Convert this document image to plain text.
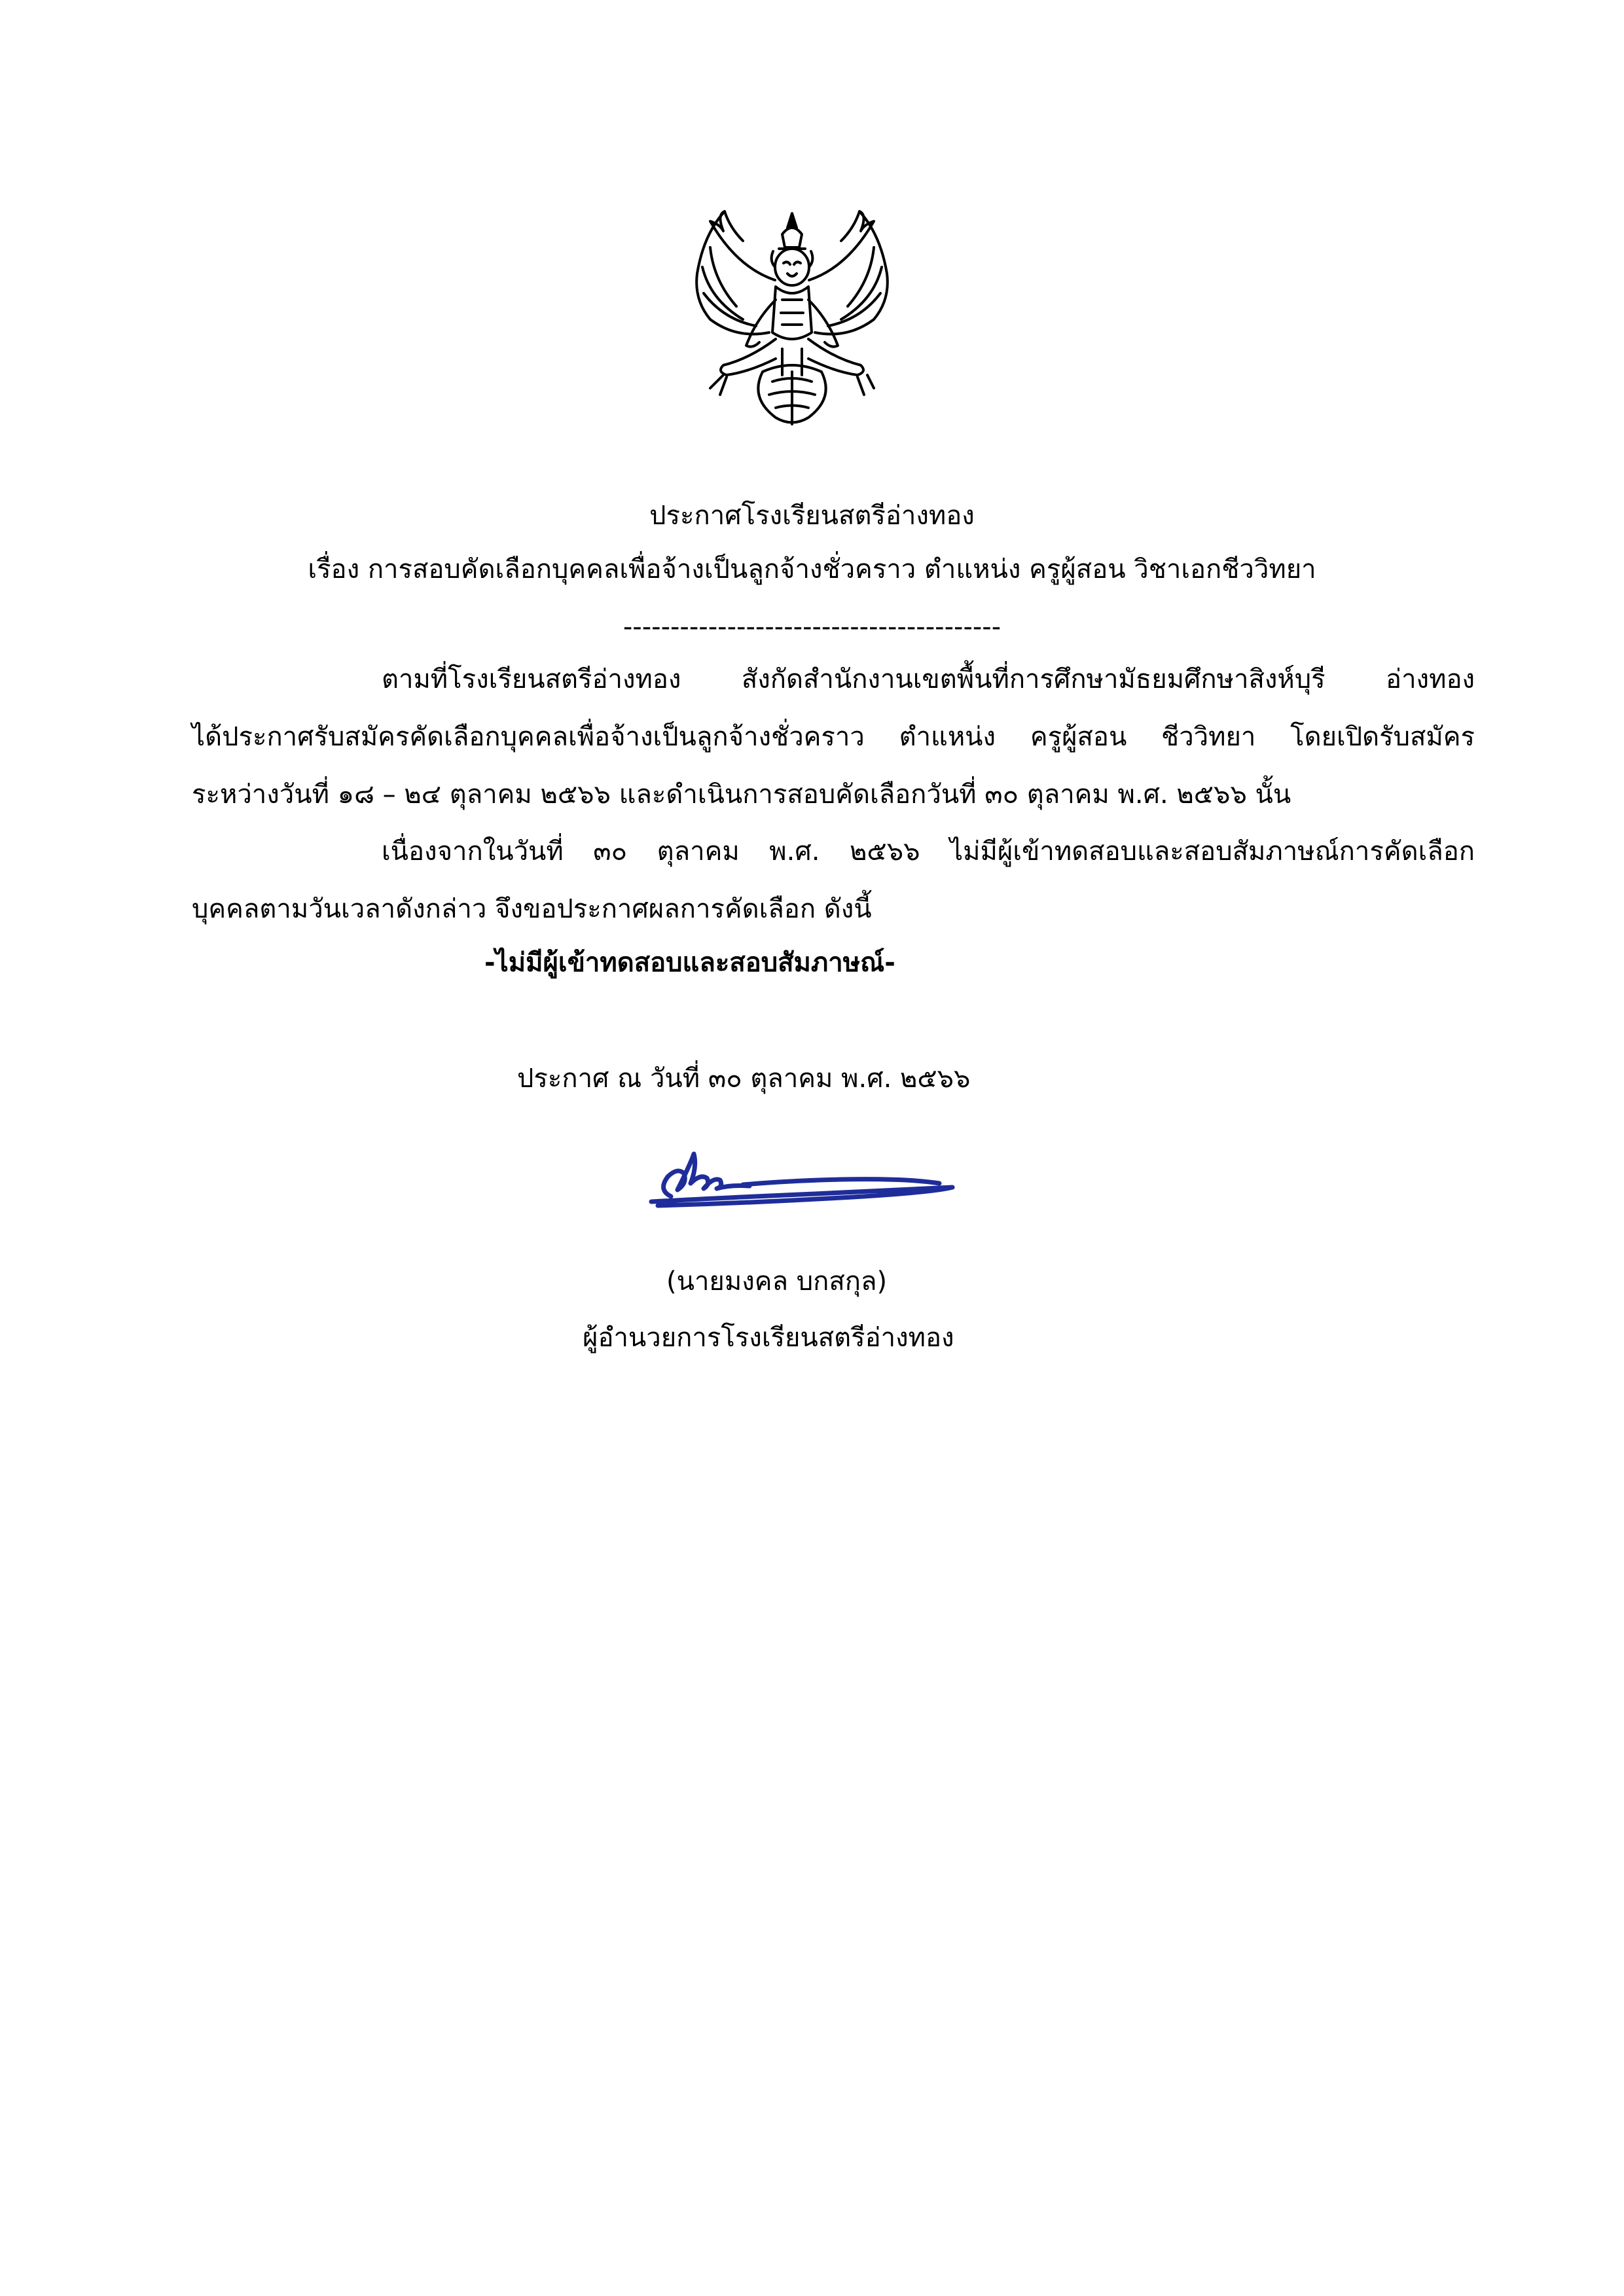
ประกาศโรงเรียนสตรีอ่างทอง
เรื่อง การสอบคัดเลือกบุคคลเพื่อจ้างเป็นลูกจ้างชั่วคราว ตำแหน่ง ครูผู้สอน วิชาเอกชีววิทยา
----------------------------------------
ตามที่โรงเรียนสตรีอ่างทอง สังกัดสำนักงานเขตพื้นที่การศึกษามัธยมศึกษาสิงห์บุรี อ่างทอง
ได้ประกาศรับสมัครคัดเลือกบุคคลเพื่อจ้างเป็นลูกจ้างชั่วคราว ตำแหน่ง ครูผู้สอน ชีววิทยา โดยเปิดรับสมัคร
ระหว่างวันที่ ๑๘ – ๒๔ ตุลาคม ๒๕๖๖ และดำเนินการสอบคัดเลือกวันที่ ๓๐ ตุลาคม พ.ศ. ๒๕๖๖ นั้น
เนื่องจากในวันที่ ๓๐ ตุลาคม พ.ศ. ๒๕๖๖ ไม่มีผู้เข้าทดสอบและสอบสัมภาษณ์การคัดเลือก
บุคคลตามวันเวลาดังกล่าว จึงขอประกาศผลการคัดเลือก ดังนี้
-ไม่มีผู้เข้าทดสอบและสอบสัมภาษณ์-
ประกาศ ณ วันที่ ๓๐ ตุลาคม พ.ศ. ๒๕๖๖
(นายมงคล บกสกุล)
ผู้อำนวยการโรงเรียนสตรีอ่างทอง
